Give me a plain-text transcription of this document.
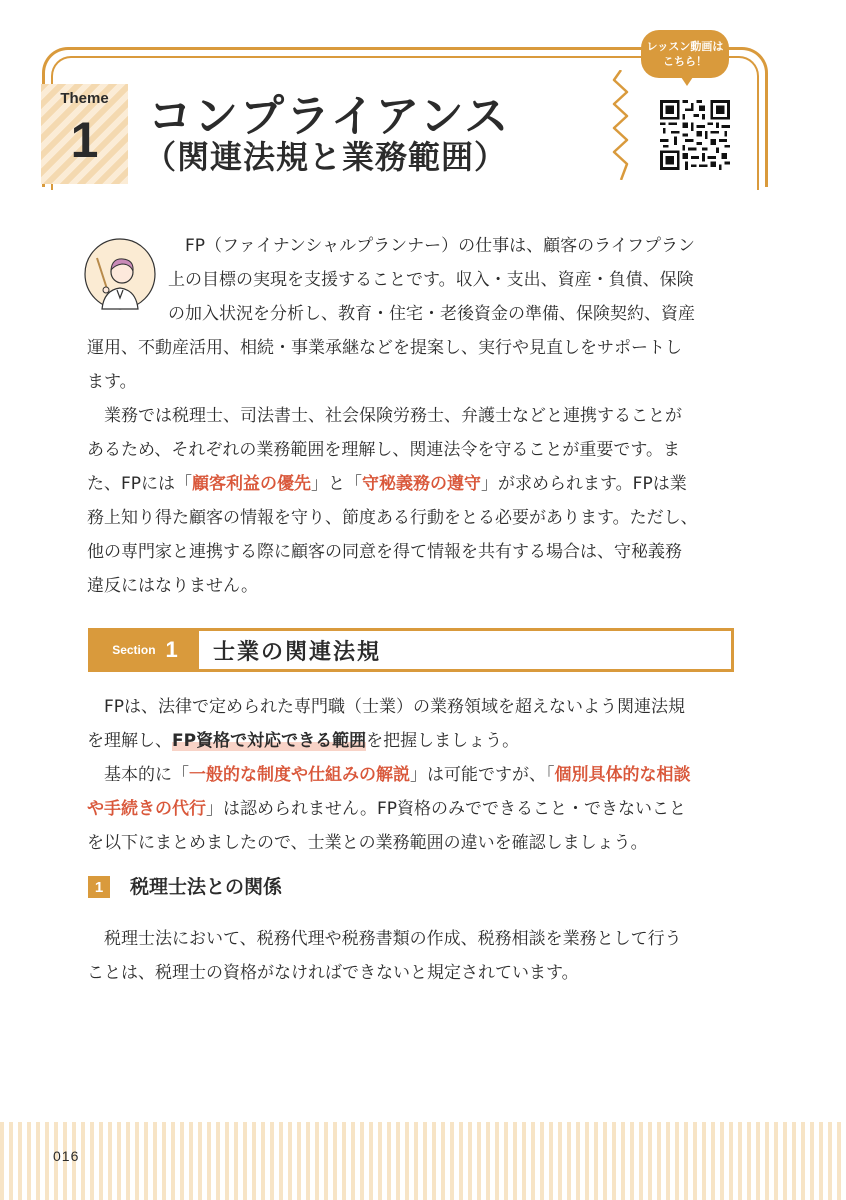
Theme
1	コンプライアンス
（関連法規と業務範囲）
レッスン動画は
こちら！
FP（ファイナンシャルプランナー）の仕事は、顧客のライフプラン
上の目標の実現を支援することです。収入・支出、資産・負債、保険
の加入状況を分析し、教育・住宅・老後資金の準備、保険契約、資産
運用、不動産活用、相続・事業承継などを提案し、実行や見直しをサポートし
ます。
業務では税理士、司法書士、社会保険労務士、弁護士などと連携することが
あるため、それぞれの業務範囲を理解し、関連法令を守ることが重要です。ま
た、FPには「顧客利益の優先」と「守秘義務の遵守」が求められます。FPは業
務上知り得た顧客の情報を守り、節度ある行動をとる必要があります。ただし、
他の専門家と連携する際に顧客の同意を得て情報を共有する場合は、守秘義務
違反にはなりません。
Section 1 士業の関連法規
FPは、法律で定められた専門職（士業）の業務領域を超えないよう関連法規
を理解し、FP資格で対応できる範囲を把握しましょう。
基本的に「一般的な制度や仕組みの解説」は可能ですが、「個別具体的な相談
や手続きの代行」は認められません。FP資格のみでできること・できないこと
を以下にまとめましたので、士業との業務範囲の違いを確認しましょう。
1	税理士法との関係
税理士法において、税務代理や税務書類の作成、税務相談を業務として行う
ことは、税理士の資格がなければできないと規定されています。
016
